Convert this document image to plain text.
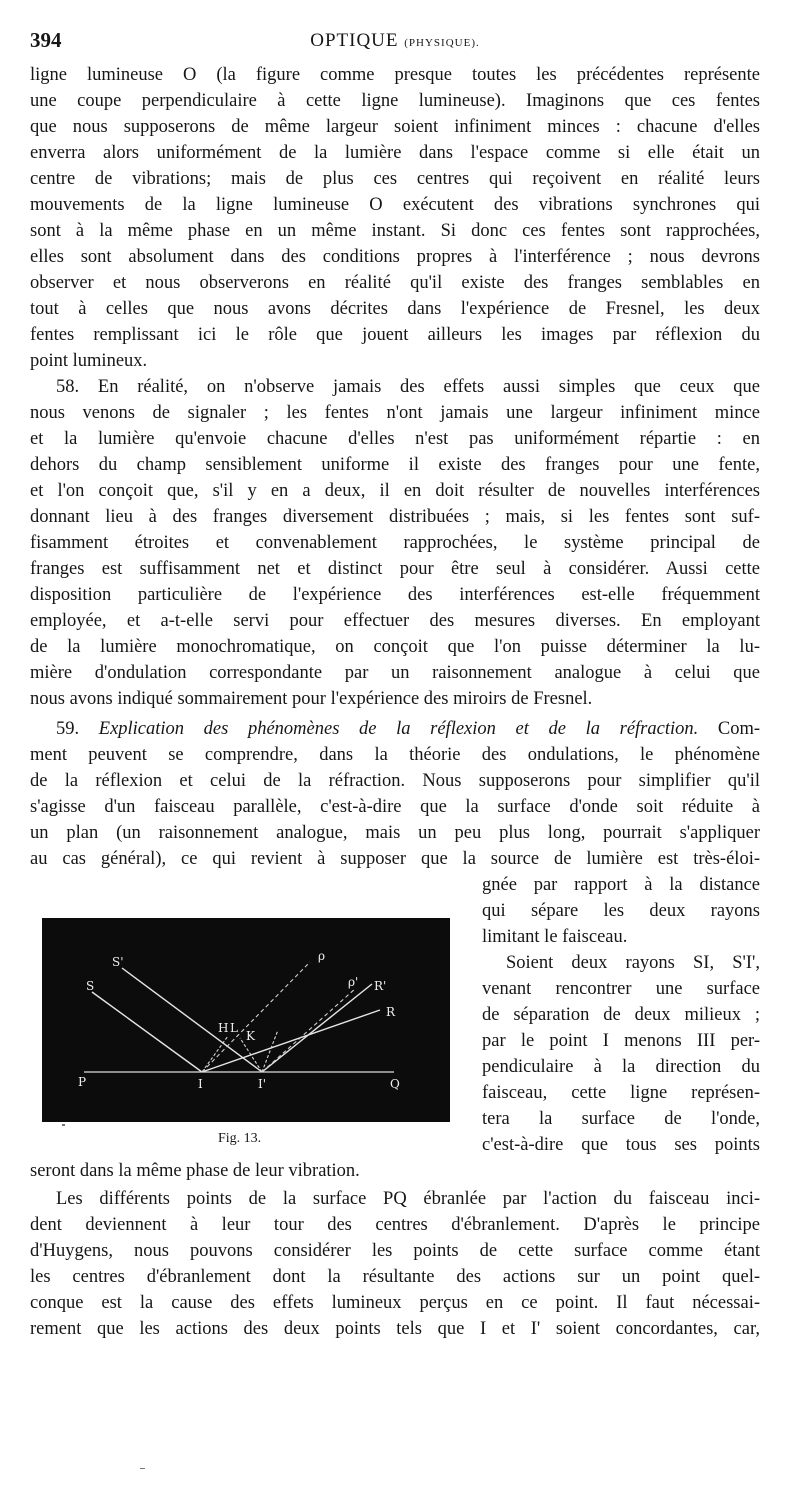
394	OPTIQUE (PHYSIQUE).
ligne lumineuse O (la figure comme presque toutes les précédentes représente
une coupe perpendiculaire à cette ligne lumineuse). Imaginons que ces fentes
que nous supposerons de même largeur soient infiniment minces : chacune d'elles
enverra alors uniformément de la lumière dans l'espace comme si elle était un
centre de vibrations; mais de plus ces centres qui reçoivent en réalité leurs
mouvements de la ligne lumineuse O exécutent des vibrations synchrones qui
sont à la même phase en un même instant. Si donc ces fentes sont rapprochées,
elles sont absolument dans des conditions propres à l'interférence ; nous devrons
observer et nous observerons en réalité qu'il existe des franges semblables en
tout à celles que nous avons décrites dans l'expérience de Fresnel, les deux
fentes remplissant ici le rôle que jouent ailleurs les images par réflexion du
point lumineux.
58. En réalité, on n'observe jamais des effets aussi simples que ceux que
nous venons de signaler ; les fentes n'ont jamais une largeur infiniment mince
et la lumière qu'envoie chacune d'elles n'est pas uniformément répartie : en
dehors du champ sensiblement uniforme il existe des franges pour une fente,
et l'on conçoit que, s'il y en a deux, il en doit résulter de nouvelles interférences
donnant lieu à des franges diversement distribuées ; mais, si les fentes sont suf-
fisamment étroites et convenablement rapprochées, le système principal de
franges est suffisamment net et distinct pour être seul à considérer. Aussi cette
disposition particulière de l'expérience des interférences est-elle fréquemment
employée, et a-t-elle servi pour effectuer des mesures diverses. En employant
de la lumière monochromatique, on conçoit que l'on puisse déterminer la lu-
mière d'ondulation correspondante par un raisonnement analogue à celui que
nous avons indiqué sommairement pour l'expérience des miroirs de Fresnel.
59. Explication des phénomènes de la réflexion et de la réfraction. Com-
ment peuvent se comprendre, dans la théorie des ondulations, le phénomène
de la réflexion et celui de la réfraction. Nous supposerons pour simplifier qu'il
s'agisse d'un faisceau parallèle, c'est-à-dire que la surface d'onde soit réduite à
un plan (un raisonnement analogue, mais un peu plus long, pourrait s'appliquer
au cas général), ce qui revient à supposer que la source de lumière est très-éloi-
gnée par rapport à la distance
qui sépare les deux rayons
limitant le faisceau.
Soient deux rayons SI, S'I',
venant rencontrer une surface
de séparation de deux milieux ;
par le point I menons III per-
pendiculaire à la direction du
faisceau, cette ligne représen-
tera la surface de l'onde,
c'est-à-dire que tous ses points
seront dans la même phase de leur vibration.
Les différents points de la surface PQ ébranlée par l'action du faisceau inci-
dent deviennent à leur tour des centres d'ébranlement. D'après le principe
d'Huygens, nous pouvons considérer les points de cette surface comme étant
les centres d'ébranlement dont la résultante des actions sur un point quel-
conque est la cause des effets lumineux perçus en ce point. Il faut nécessai-
rement que les actions des deux points tels que I et I' soient concordantes, car,
S'
S
ρ
ρ' R'
R
H L
K
P	I	I'	Q
Fig. 13.
